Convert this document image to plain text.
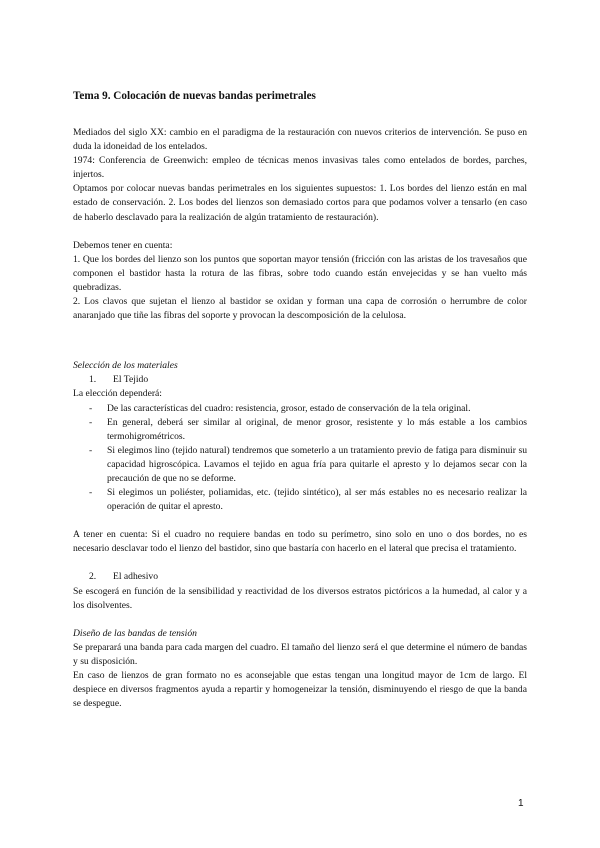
Tema 9. Colocación de nuevas bandas perimetrales

Mediados del siglo XX: cambio en el paradigma de la restauración con nuevos criterios de intervención. Se puso en duda la idoneidad de los entelados.

1974: Conferencia de Greenwich: empleo de técnicas menos invasivas tales como entelados de bordes, parches, injertos.

Optamos por colocar nuevas bandas perimetrales en los siguientes supuestos: 1. Los bordes del lienzo están en mal estado de conservación. 2. Los bodes del lienzos son demasiado cortos para que podamos volver a tensarlo (en caso de haberlo desclavado para la realización de algún tratamiento de restauración).

Debemos tener en cuenta:

1. Que los bordes del lienzo son los puntos que soportan mayor tensión (fricción con las aristas de los travesaños que componen el bastidor hasta la rotura de las fibras, sobre todo cuando están envejecidas y se han vuelto más quebradizas.

2. Los clavos que sujetan el lienzo al bastidor se oxidan y forman una capa de corrosión o herrumbre de color anaranjado que tiñe las fibras del soporte y provocan la descomposición de la celulosa.

Selección de los materiales

1.	El Tejido

La elección dependerá:

- De las características del cuadro: resistencia, grosor, estado de conservación de la tela original.
- En general, deberá ser similar al original, de menor grosor, resistente y lo más estable a los cambios termohigrométricos.
- Si elegimos lino (tejido natural) tendremos que someterlo a un tratamiento previo de fatiga para disminuir su capacidad higroscópica. Lavamos el tejido en agua fría para quitarle el apresto y lo dejamos secar con la precaución de que no se deforme.
- Si elegimos un poliéster, poliamidas, etc. (tejido sintético), al ser más estables no es necesario realizar la operación de quitar el apresto.

A tener en cuenta: Si el cuadro no requiere bandas en todo su perímetro, sino solo en uno o dos bordes, no es necesario desclavar todo el lienzo del bastidor, sino que bastaría con hacerlo en el lateral que precisa el tratamiento.

2.	El adhesivo

Se escogerá en función de la sensibilidad y reactividad de los diversos estratos pictóricos a la humedad, al calor y a los disolventes.

Diseño de las bandas de tensión

Se preparará una banda para cada margen del cuadro. El tamaño del lienzo será el que determine el número de bandas y su disposición.

En caso de lienzos de gran formato no es aconsejable que estas tengan una longitud mayor de 1cm de largo. El despiece en diversos fragmentos ayuda a repartir y homogeneizar la tensión, disminuyendo el riesgo de que la banda se despegue.

1
